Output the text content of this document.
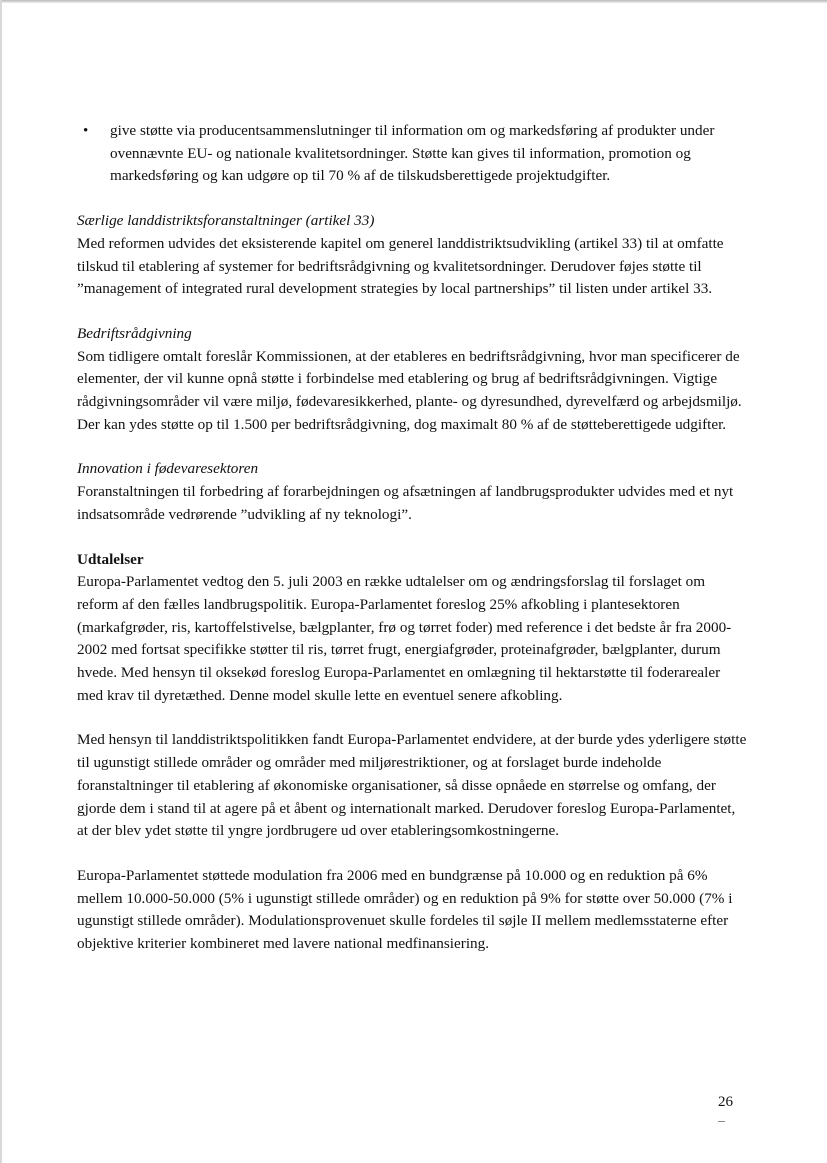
•	give støtte via producentsammenslutninger til information om og markedsføring af produkter under ovennævnte EU- og nationale kvalitetsordninger. Støtte kan gives til information, promotion og markedsføring og kan udgøre op til 70 % af de tilskudsberettigede projektudgifter.
Særlige landdistriktsforanstaltninger (artikel 33)

Med reformen udvides det eksisterende kapitel om generel landdistriktsudvikling (artikel 33) til at omfatte tilskud til etablering af systemer for bedriftsrådgivning og kvalitetsordninger. Derudover føjes støtte til ”management of integrated rural development strategies by local partnerships” til listen under artikel 33.

Bedriftsrådgivning

Som tidligere omtalt foreslår Kommissionen, at der etableres en bedriftsrådgivning, hvor man specificerer de elementer, der vil kunne opnå støtte i forbindelse med etablering og brug af bedriftsrådgivningen. Vigtige rådgivningsområder vil være miljø, fødevaresikkerhed, plante- og dyresundhed, dyrevelfærd og arbejdsmiljø. Der kan ydes støtte op til 1.500 per bedriftsrådgivning, dog maximalt 80 % af de støtteberettigede udgifter.

Innovation i fødevaresektoren

Foranstaltningen til forbedring af forarbejdningen og afsætningen af landbrugsprodukter udvides med et nyt indsatsområde vedrørende ”udvikling af ny teknologi”.

Udtalelser

Europa-Parlamentet vedtog den 5. juli 2003 en række udtalelser om og ændringsforslag til forslaget om reform af den fælles landbrugspolitik. Europa-Parlamentet foreslog 25% afkobling i plantesektoren (markafgrøder, ris, kartoffelstivelse, bælgplanter, frø og tørret foder) med reference i det bedste år fra 2000-2002 med fortsat specifikke støtter til ris, tørret frugt, energiafgrøder, proteinafgrøder, bælgplanter, durum hvede. Med hensyn til oksekød foreslog Europa-Parlamentet en omlægning til hektarstøtte til foderarealer med krav til dyretæthed. Denne model skulle lette en eventuel senere afkobling.

Med hensyn til landdistriktspolitikken fandt Europa-Parlamentet endvidere, at der burde ydes yderligere støtte til ugunstigt stillede områder og områder med miljørestriktioner, og at forslaget burde indeholde foranstaltninger til etablering af økonomiske organisationer, så disse opnåede en størrelse og omfang, der gjorde dem i stand til at agere på et åbent og internationalt marked. Derudover foreslog Europa-Parlamentet, at der blev ydet støtte til yngre jordbrugere ud over etableringsomkostningerne.

Europa-Parlamentet støttede modulation fra 2006 med en bundgrænse på 10.000 og en reduktion på 6% mellem 10.000-50.000 (5% i ugunstigt stillede områder) og en reduktion på 9% for støtte over 50.000 (7% i ugunstigt stillede områder). Modulationsprovenuet skulle fordeles til søjle II mellem medlemsstaterne efter objektive kriterier kombineret med lavere national medfinansiering.

26
